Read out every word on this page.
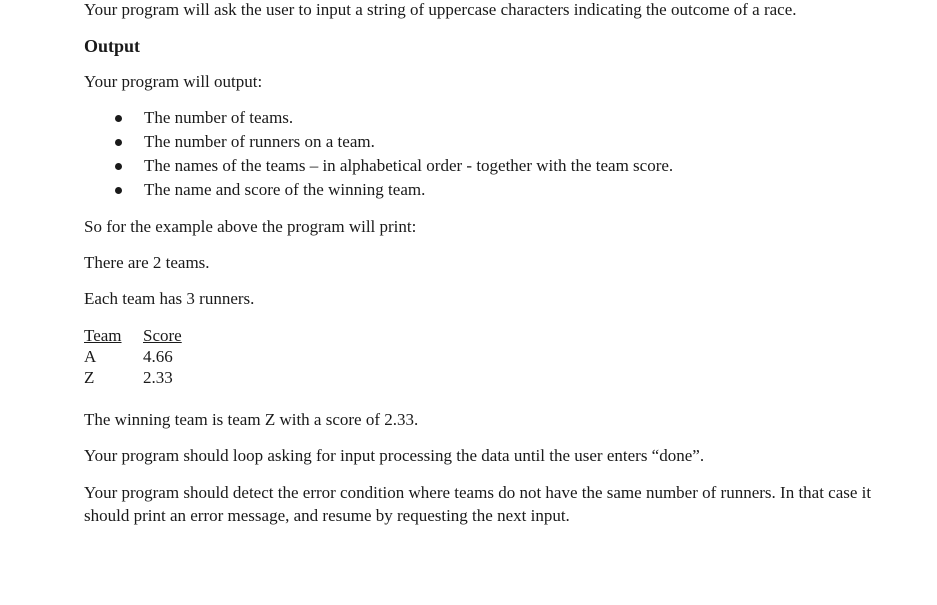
Your program will ask the user to input a string of uppercase characters indicating the outcome of a race.
Output
Your program will output:
The number of teams.
The number of runners on a team.
The names of the teams – in alphabetical order - together with the team score.
The name and score of the winning team.
So for the example above the program will print:
There are 2 teams.
Each team has 3 runners.
Team Score
A	4.66
Z	2.33
The winning team is team Z with a score of 2.33.
Your program should loop asking for input processing the data until the user enters “done”.
Your program should detect the error condition where teams do not have the same number of runners. In that case it should print an error message, and resume by requesting the next input.
